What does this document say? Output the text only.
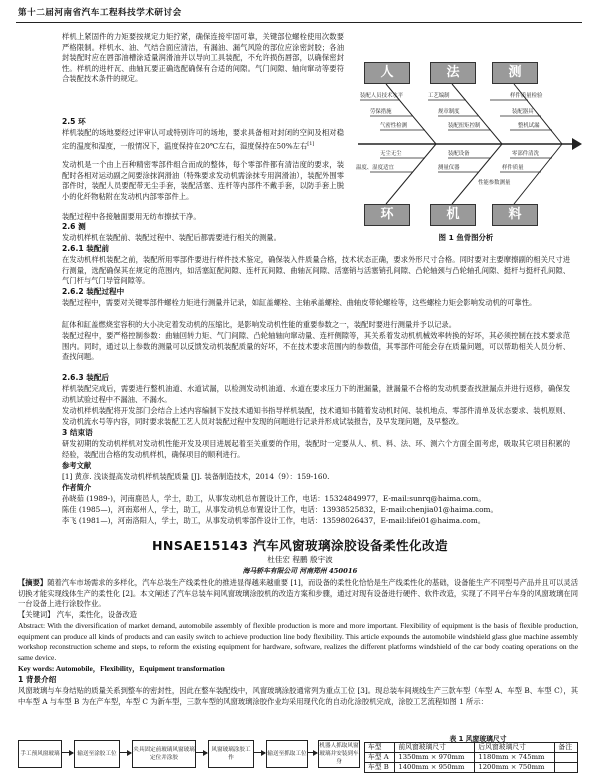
第十二届河南省汽车工程科技学术研讨会

样机上紧固件的力矩要按规定力矩拧紧，确保连接牢固可靠，关键部位螺栓使用次数要严格限制。样机水、油、气结合面应清洁，有漏油、漏气风险的部位应涂密封胶；各油封装配时应在唇部油槽涂适量润滑油并以导向工具装配，不允许损伤唇部，以确保密封性。样机的进杆瓦、曲轴瓦要正确选配确保有合适的间隙。气门间隙、轴向窜动等要符合装配技术条件的规定。

2.5 环

样机装配的场地要经过评审认可或特别许可的场地，要求具备相对封闭的空间及相对稳定的温度和湿度，一般情况下，温度保持在20℃左右，湿度保持在50%左右[1]

发动机是一个由上百种精密零部件组合而成的整体，每个零部件都有清洁度的要求，装配时各相对运动副之间要涂抹润滑油（特殊要求发动机需涂抹专用润滑油），装配外围零部件时，装配人员要配带无尘手套，装配活塞、连杆等内部件不戴手套，以防手套上脱小的化纤物粘附在发动机内部零部件上。

装配过程中各接触面要用无纺布擦拭干净。

人	法	测
环	机	料
装配人员技术水平	工艺编制	样件质量检验
劳保措施	规章制度	装配器具
气密性检测	装配扭矩控制	整机试漏
无尘无尘
温度、湿度适宜
装配设备
测量仪器
零部件清洗
样件质量
性能参数测量
图 1 鱼骨图分析

2.6 测

发动机样机在装配前、装配过程中、装配后都需要进行相关的测量。

2.6.1 装配前

在发动机样机装配之前，装配所用零部件要进行样件技术鉴定，确保装入件质量合格，技术状态正确，要求外形尺寸合格。同时要对主要摩擦副的相关尺寸进行测量，选配确保其在规定的范围内，如活塞缸配间隙、连杆瓦间隙、曲轴瓦间隙、活塞销与活塞销孔间隙、凸轮轴颈与凸轮轴孔间隙、挺杆与挺杆孔间隙、气门杆与气门导管间隙等。

2.6.2 装配过程中

装配过程中，需要对关键零部件螺栓力矩进行测量并记录，如缸盖螺栓、主轴承盖螺栓、曲轴皮带轮螺栓等，这些螺栓力矩会影响发动机的可靠性。

缸体和缸盖燃烧室容积的大小决定着发动机的压缩比，是影响发动机性能的重要参数之一，装配时要进行测量并予以记录。

装配过程中，要严格控制参数：曲轴回转力矩、气门间隙、凸轮轴轴向窜动量、连杆侧隙等，其关系着发动机机械效率转换的好坏，其必须控制在技术要求范围内。同时，通过以上参数的测量可以反馈发动机装配质量的好坏，不在技术要求范围内的参数值，其零部件可能会存在质量问题，可以帮助相关人员分析、查找问题。

2.6.3 装配后

样机装配完成后，需要进行整机油道、水道试漏，以检测发动机油道、水道在要求压力下的泄漏量，泄漏量不合格的发动机要查找泄漏点并进行返修，确保发动机试验过程中不漏油、不漏水。

发动机样机装配将开发部门会结合上述内容编制下发技术通知书指导样机装配，技术通知书随着发动机时间、装机地点、零部件清单及状态要求、装机原则、发动机流水号等内容，同时要求装配工艺人员对装配过程中发现的问题进行记录并形成试装报告，及早发现问题，及早整改。

3 结束语

研发初期的发动机样机对发动机性能开发及项目进展起着至关重要的作用，装配时一定要从人、机、料、法、环、测六个方面全面考虑，吸取其它项目积累的经验，装配出合格的发动机样机，确保项目的顺利进行。

参考文献

[1] 黄彦. 浅谈提高发动机样机装配质量 [J]. 装备制造技术，2014（9）：159-160.

作者简介

孙晓茹 (1989-)，河南鹿邑人，学士，助工，从事发动机总布置设计工作，电话：15324849977，E-mail:sunrq@haima.com。

陈佳 (1985—)，河南郑州人，学士，助工，从事发动机总布置设计工作，电话：13938525832，E-mail:chenjia01@haima.com。

李飞 (1981—)，河南洛阳人，学士，助工，从事发动机零部件设计工作，电话：13598026437，E-mail:lifei01@haima.com。

HNSAE15143 汽车风窗玻璃涂胶设备柔性化改造
杜佳宏 程鹏 殷宇波
海马轿车有限公司 河南郑州 450016

【摘要】随着汽车市场需求的多样化，汽车总装生产线柔性化的推进显得越来越重要 [1]，而设备的柔性化恰恰是生产线柔性化的基础，设备能生产不同型号产品并且可以灵活切换才能实现线体生产的柔性化 [2]。本文阐述了汽车总装车间风窗玻璃涂胶机的改造方案和步骤，通过对现有设备进行硬件、软件改造，实现了不同平台车身的风窗玻璃在同一台设备上进行涂胶作业。

【关键词】 汽车，柔性化，设备改造

Abstract: With the diversification of market demand, automobile assembly of flexible production is more and more important. Flexibility of equipment is the basis of flexible production, equipment can produce all kinds of products and can easily switch to achieve production line body flexibility. This article expounds the automobile windshield glass glue machine assembly workshop reconstruction scheme and steps, to reform the existing equipment for hardware, software, realizes the different platforms windshield of the car body coating operations on the same device.

Key words: Automobile，Flexibility，Equipment transformation

1 背景介绍

风窗玻璃与车身结贴的质量关系到整车的密封性，因此在整车装配线中，风窗玻璃涂胶通常列为重点工位 [3]。现总装车间规线生产三款车型（车型 A、车型 B、车型 C），其中车型 A 与车型 B 为在产车型，车型 C 为新车型，三款车型的风窗玻璃涂胶作业均采用现代化的自动化涂胶机完成，涂胶工艺流程如图 1 所示：

手工预风窗玻璃	输送至涂胶工位
夹具固定前玻璃风窗玻璃定位并涂胶
风窗玻璃涂胶工作
输送至抓取工位
机器人抓取风窗玻璃并安装到车身
表 1 风窗玻璃尺寸
车型	前风窗玻璃尺寸	后风窗玻璃尺寸	备注
车型 A	1350mm × 970mm	1180mm × 745mm	
车型 B	1400mm × 950mm	1200mm × 750mm	
